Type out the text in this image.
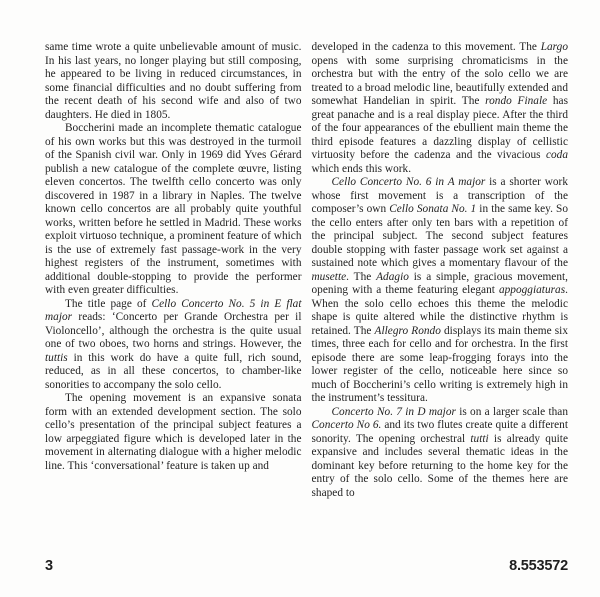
same time wrote a quite unbelievable amount of music. In his last years, no longer playing but still composing, he appeared to be living in reduced circumstances, in some financial difficulties and no doubt suffering from the recent death of his second wife and also of two daughters. He died in 1805.

Boccherini made an incomplete thematic catalogue of his own works but this was destroyed in the turmoil of the Spanish civil war. Only in 1969 did Yves Gérard publish a new catalogue of the complete œuvre, listing eleven concertos. The twelfth cello concerto was only discovered in 1987 in a library in Naples. The twelve known cello concertos are all probably quite youthful works, written before he settled in Madrid. These works exploit virtuoso technique, a prominent feature of which is the use of extremely fast passage-work in the very highest registers of the instrument, sometimes with additional double-stopping to provide the performer with even greater difficulties.

The title page of Cello Concerto No. 5 in E flat major reads: ‘Concerto per Grande Orchestra per il Violoncello’, although the orchestra is the quite usual one of two oboes, two horns and strings. However, the tuttis in this work do have a quite full, rich sound, reduced, as in all these concertos, to chamber-like sonorities to accompany the solo cello.

The opening movement is an expansive sonata form with an extended development section. The solo cello’s presentation of the principal subject features a low arpeggiated figure which is developed later in the movement in alternating dialogue with a higher melodic line. This ‘conversational’ feature is taken up and

developed in the cadenza to this movement. The Largo opens with some surprising chromaticisms in the orchestra but with the entry of the solo cello we are treated to a broad melodic line, beautifully extended and somewhat Handelian in spirit. The rondo Finale has great panache and is a real display piece. After the third of the four appearances of the ebullient main theme the third episode features a dazzling display of cellistic virtuosity before the cadenza and the vivacious coda which ends this work.

Cello Concerto No. 6 in A major is a shorter work whose first movement is a transcription of the composer’s own Cello Sonata No. 1 in the same key. So the cello enters after only ten bars with a repetition of the principal subject. The second subject features double stopping with faster passage work set against a sustained note which gives a momentary flavour of the musette. The Adagio is a simple, gracious movement, opening with a theme featuring elegant appoggiaturas. When the solo cello echoes this theme the melodic shape is quite altered while the distinctive rhythm is retained. The Allegro Rondo displays its main theme six times, three each for cello and for orchestra. In the first episode there are some leap-frogging forays into the lower register of the cello, noticeable here since so much of Boccherini’s cello writing is extremely high in the instrument’s tessitura.

Concerto No. 7 in D major is on a larger scale than Concerto No 6. and its two flutes create quite a different sonority. The opening orchestral tutti is already quite expansive and includes several thematic ideas in the dominant key before returning to the home key for the entry of the solo cello. Some of the themes here are shaped to

3	8.553572
